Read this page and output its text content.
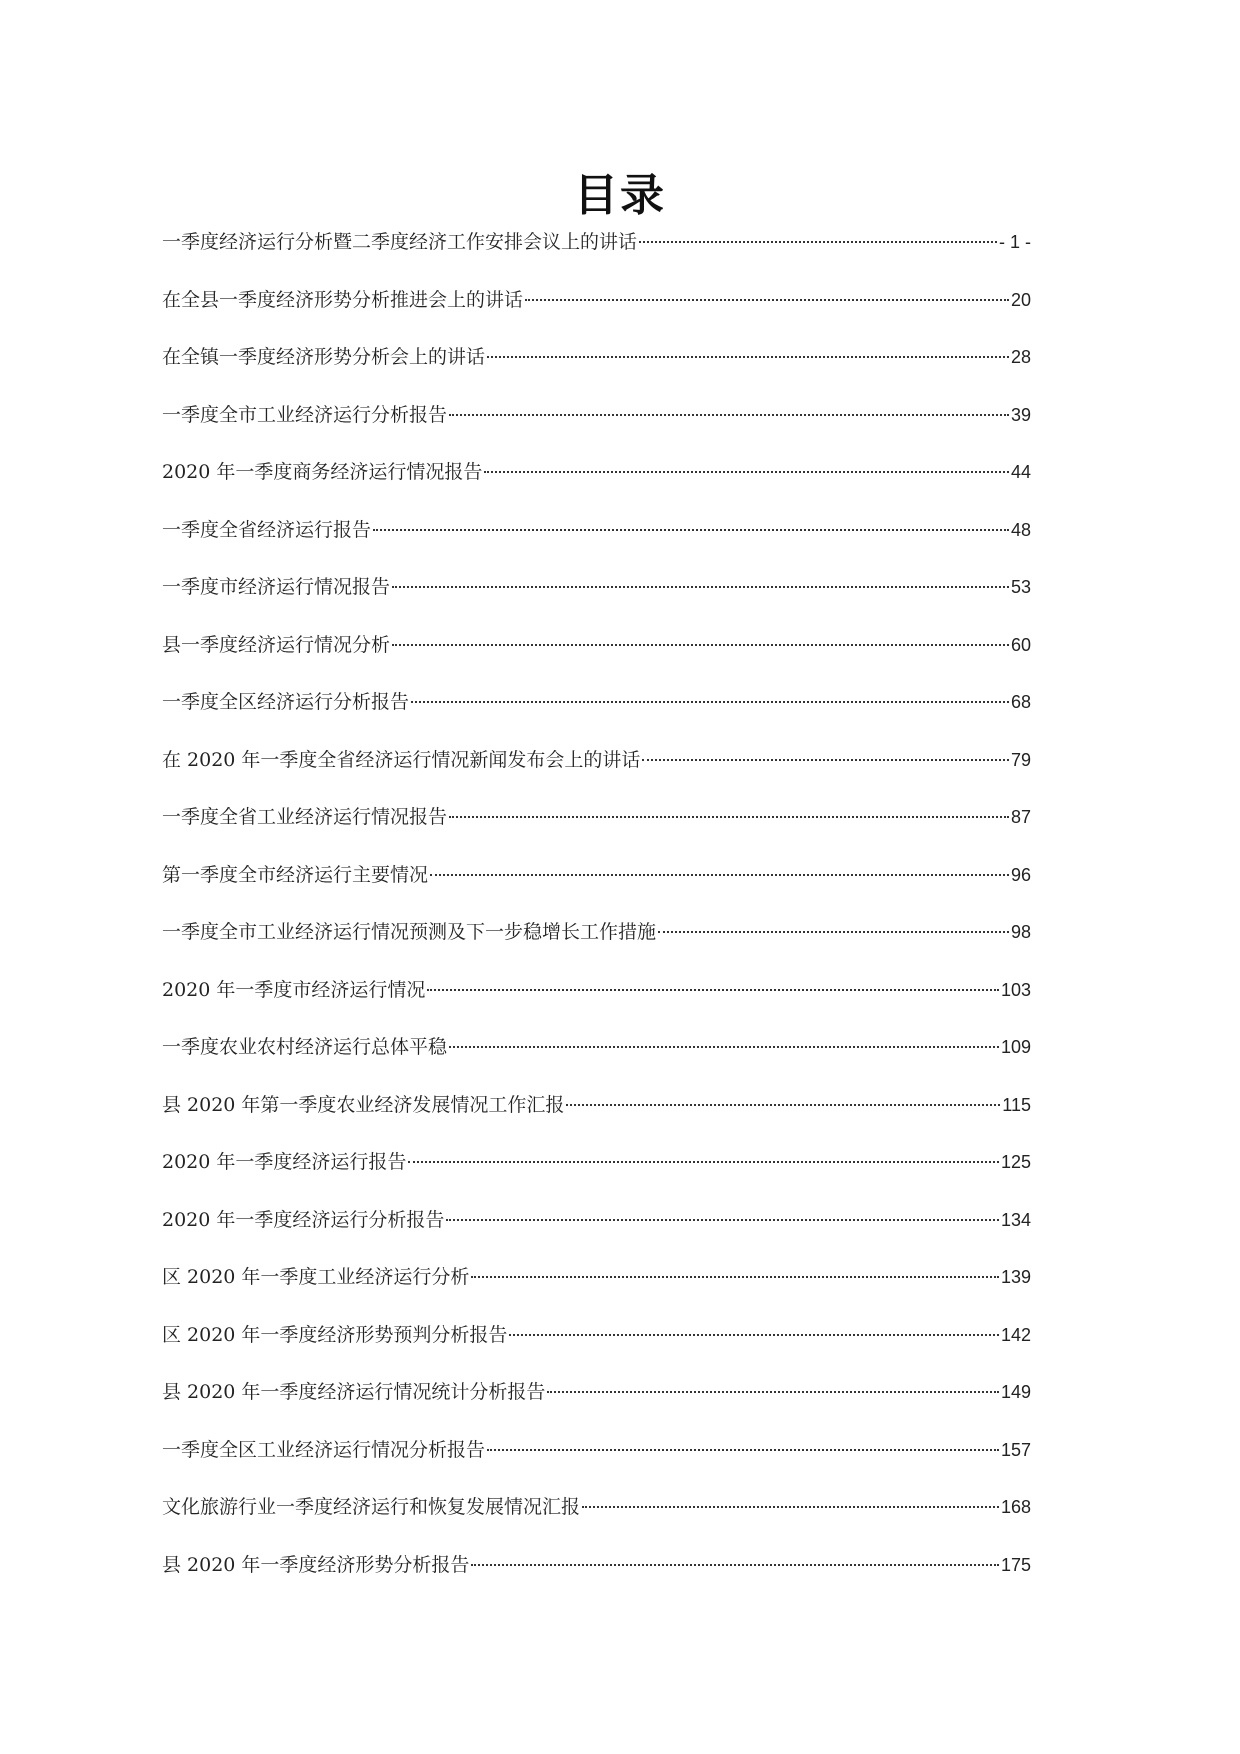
目录
一季度经济运行分析暨二季度经济工作安排会议上的讲话	- 1 -
在全县一季度经济形势分析推进会上的讲话	20
在全镇一季度经济形势分析会上的讲话	28
一季度全市工业经济运行分析报告	39
2020 年一季度商务经济运行情况报告	44
一季度全省经济运行报告	48
一季度市经济运行情况报告	53
县一季度经济运行情况分析	60
一季度全区经济运行分析报告	68
在 2020 年一季度全省经济运行情况新闻发布会上的讲话	79
一季度全省工业经济运行情况报告	87
第一季度全市经济运行主要情况	96
一季度全市工业经济运行情况预测及下一步稳增长工作措施	98
2020 年一季度市经济运行情况	103
一季度农业农村经济运行总体平稳	109
县 2020 年第一季度农业经济发展情况工作汇报	115
2020 年一季度经济运行报告	125
2020 年一季度经济运行分析报告	134
区 2020 年一季度工业经济运行分析	139
区 2020 年一季度经济形势预判分析报告	142
县 2020 年一季度经济运行情况统计分析报告	149
一季度全区工业经济运行情况分析报告	157
文化旅游行业一季度经济运行和恢复发展情况汇报	168
县 2020 年一季度经济形势分析报告	175
